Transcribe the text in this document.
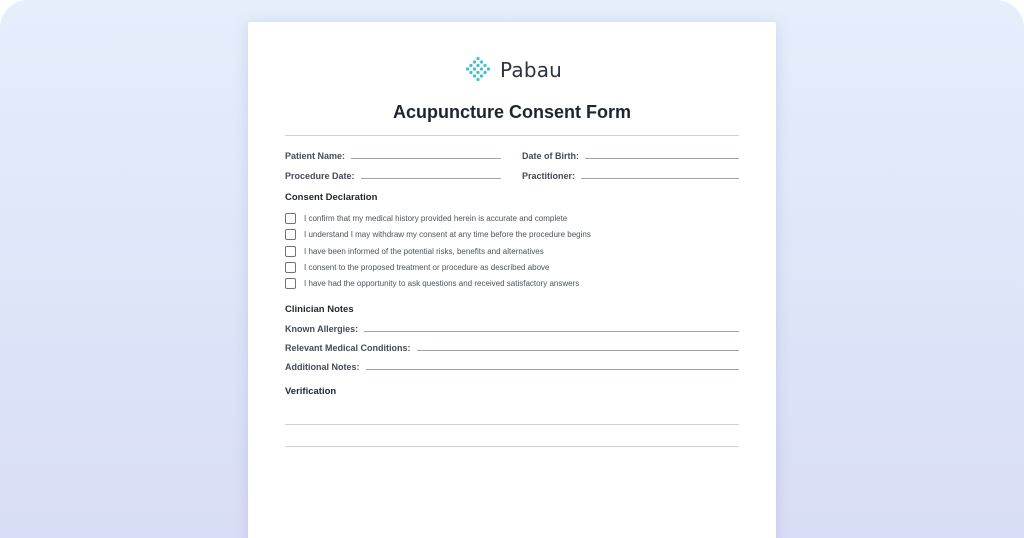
Pabau
Acupuncture Consent Form
Patient Name:	Date of Birth:
Procedure Date:	Practitioner:
Consent Declaration
I confirm that my medical history provided herein is accurate and complete
I understand I may withdraw my consent at any time before the procedure begins
I have been informed of the potential risks, benefits and alternatives
I consent to the proposed treatment or procedure as described above
I have had the opportunity to ask questions and received satisfactory answers
Clinician Notes
Known Allergies:
Relevant Medical Conditions:
Additional Notes:
Verification
